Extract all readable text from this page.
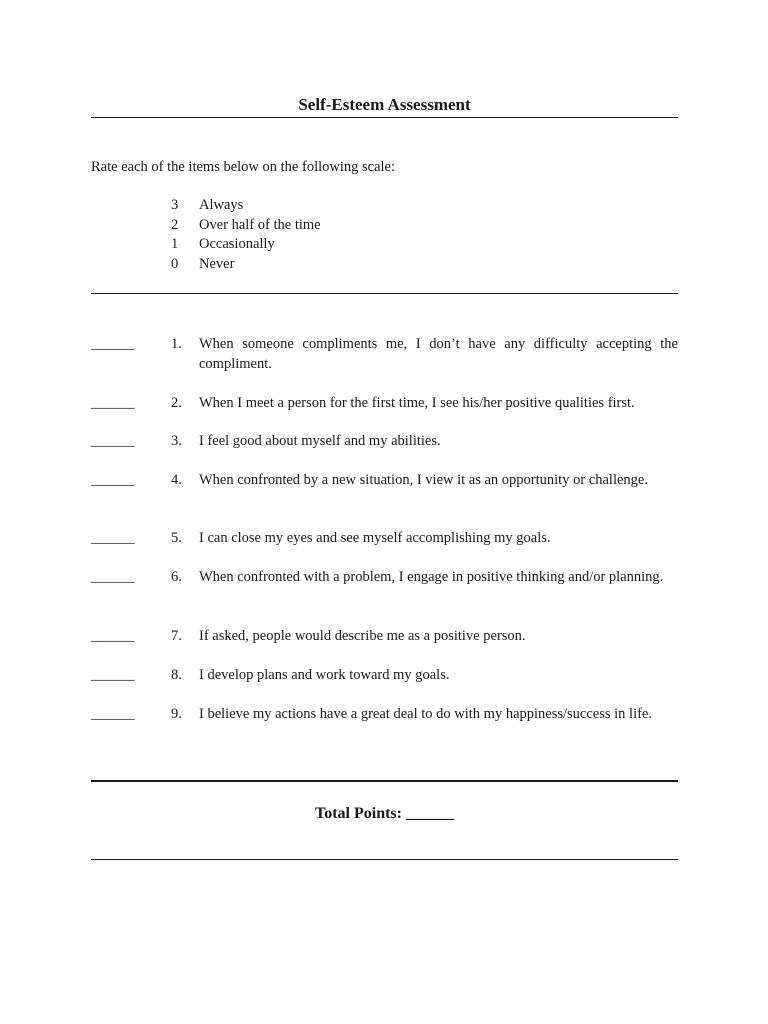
Self-Esteem Assessment
Rate each of the items below on the following scale:
3	Always
2	Over half of the time
1	Occasionally
0	Never
______	1.	When someone compliments me, I don’t have any difficulty accepting the compliment.
______	2.	When I meet a person for the first time, I see his/her positive qualities first.
______	3.	I feel good about myself and my abilities.
______	4.	When confronted by a new situation, I view it as an opportunity or challenge.
______	5.	I can close my eyes and see myself accomplishing my goals.
______	6.	When confronted with a problem, I engage in positive thinking and/or planning.
______	7.	If asked, people would describe me as a positive person.
______	8.	I develop plans and work toward my goals.
______	9.	I believe my actions have a great deal to do with my happiness/success in life.
Total Points: ______
